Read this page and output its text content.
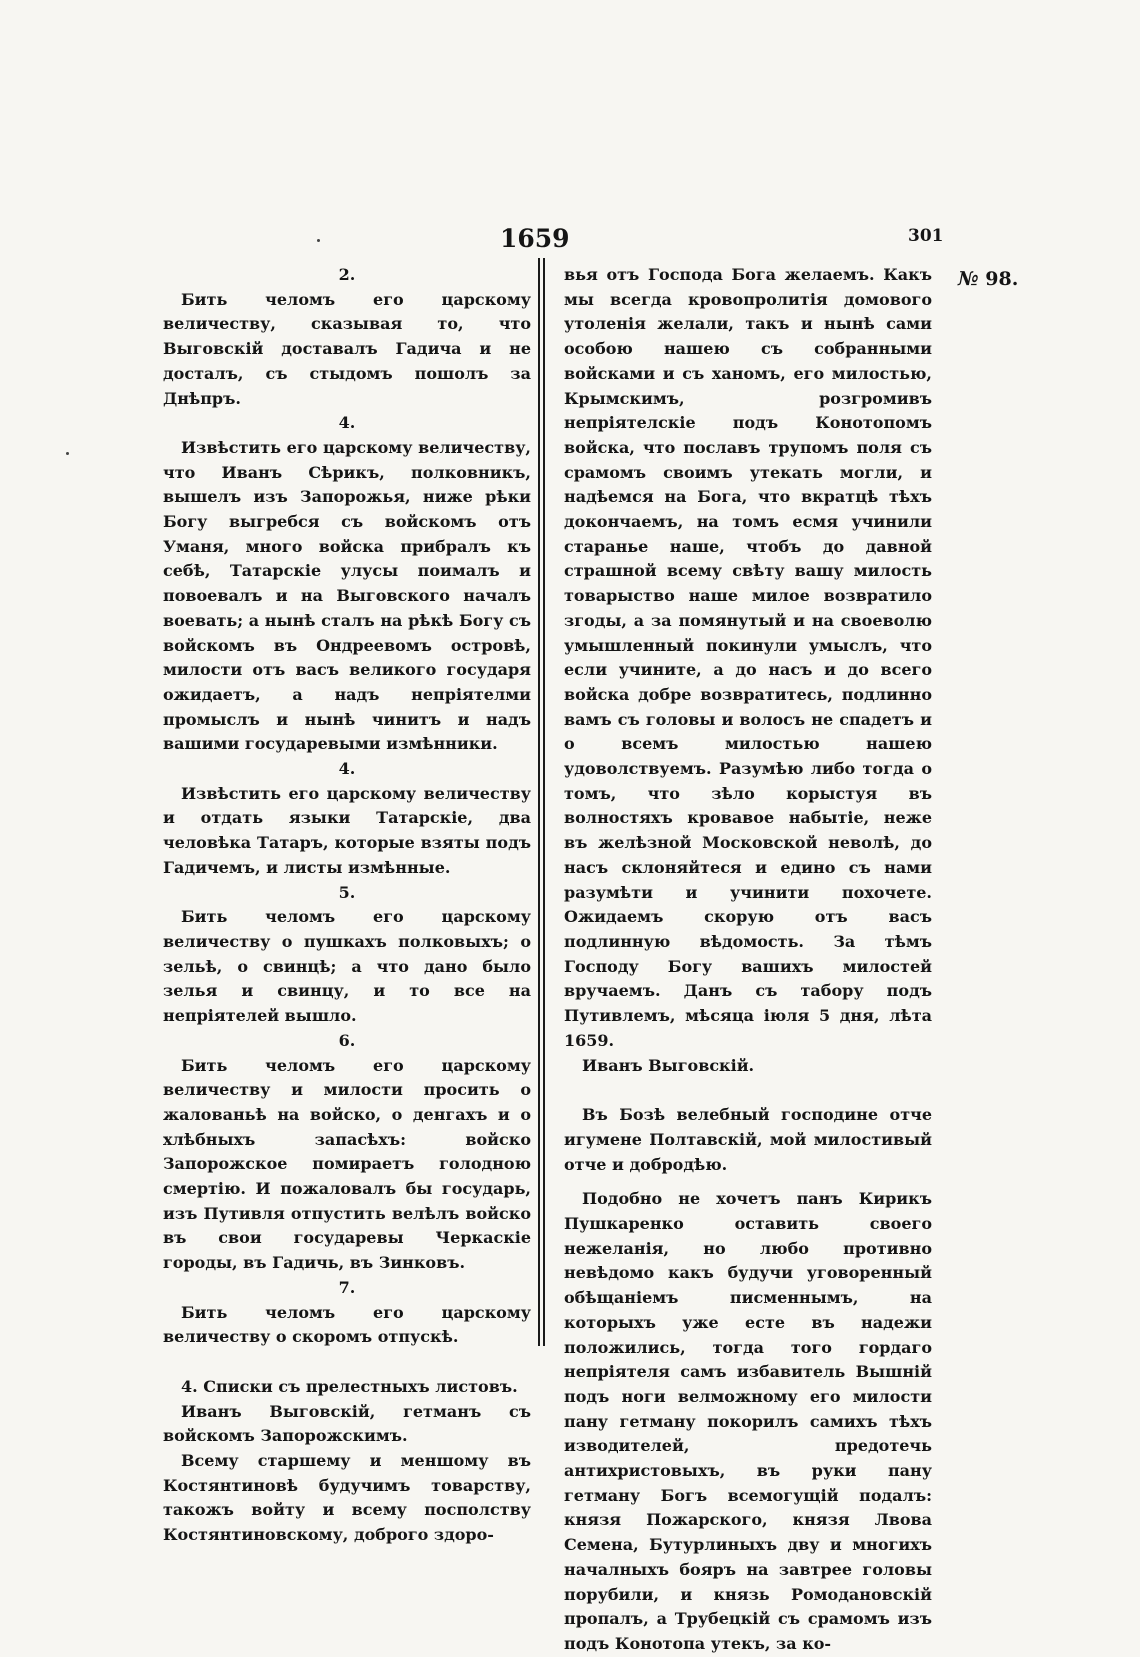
1659	301
№ 98.

2.

Бить челомъ его царскому величеству, сказывая то, что Выговскій доставалъ Гадича и не досталъ, съ стыдомъ пошолъ за Днѣпръ.

4.

Извѣстить его царскому величеству, что Иванъ Сѣрикъ, полковникъ, вышелъ изъ Запорожья, ниже рѣки Богу выгребся съ войскомъ отъ Уманя, много войска прибралъ къ себѣ, Татарскіе улусы поималъ и повоевалъ и на Выговского началъ воевать; а нынѣ сталъ на рѣкѣ Богу съ войскомъ въ Ондреевомъ островѣ, милости отъ васъ великого государя ожидаетъ, а надъ непріятелми промыслъ и нынѣ чинитъ и надъ вашими государевыми измѣнники.

4.

Извѣстить его царскому величеству и отдать языки Татарскіе, два человѣка Татаръ, которые взяты подъ Гадичемъ, и листы измѣнные.

5.

Бить челомъ его царскому величеству о пушкахъ полковыхъ; о зельѣ, о свинцѣ; а что дано было зелья и свинцу, и то все на непріятелей вышло.

6.

Бить челомъ его царскому величеству и милости просить о жалованьѣ на войско, о денгахъ и о хлѣбныхъ запасѣхъ: войско Запорожское помираетъ голодною смертію. И пожаловалъ бы государь, изъ Путивля отпустить велѣлъ войско въ свои государевы Черкаскіе городы, въ Гадичь, въ Зинковъ.

7.

Бить челомъ его царскому величеству о скоромъ отпускѣ.

4. Списки съ прелестныхъ листовъ.

Иванъ Выговскій, гетманъ съ войскомъ Запорожскимъ.

Всему старшему и меншому въ Костянтиновѣ будучимъ товарству, такожъ войту и всему посполству Костянтиновскому, доброго здоро-

вья отъ Господа Бога желаемъ. Какъ мы всегда кровопролитія домового утоленія желали, такъ и нынѣ сами особою нашею съ собранными войсками и съ ханомъ, его милостью, Крымскимъ, розгромивъ непріятелскіе подъ Конотопомъ войска, что пославъ трупомъ поля съ срамомъ своимъ утекать могли, и надѣемся на Бога, что вкратцѣ тѣхъ докончаемъ, на томъ есмя учинили старанье наше, чтобъ до давной страшной всему свѣту вашу милость товарыство наше милое возвратило згоды, а за помянутый и на своеволю умышленный покинули умыслъ, что если учините, а до насъ и до всего войска добре возвратитесь, подлинно вамъ съ головы и волосъ не спадетъ и о всемъ милостью нашею удоволствуемъ. Разумѣю либо тогда о томъ, что зѣло корыстуя въ волностяхъ кровавое набытіе, неже въ желѣзной Московской неволѣ, до насъ склоняйтеся и едино съ нами разумѣти и учинити похочете. Ожидаемъ скорую отъ васъ подлинную вѣдомость. За тѣмъ Господу Богу вашихъ милостей вручаемъ. Данъ съ табору подъ Путивлемъ, мѣсяца іюля 5 дня, лѣта 1659.

Иванъ Выговскій.

Въ Бозѣ велебный господине отче игумене Полтавскій, мой милостивый отче и добродѣю.

Подобно не хочетъ панъ Кирикъ Пушкаренко оставить своего нежеланія, но любо противно невѣдомо какъ будучи уговоренный обѣщаніемъ писменнымъ, на которыхъ уже есте въ надежи положились, тогда того гордаго непріятеля самъ избавитель Вышній подъ ноги велможному его милости пану гетману покорилъ самихъ тѣхъ изводителей, предотечь антихристовыхъ, въ руки пану гетману Богъ всемогущій подалъ: князя Пожарского, князя Лвова Семена, Бутурлиныхъ дву и многихъ началныхъ бояръ на завтрее головы порубили, и князь Ромодановскій пропалъ, а Трубецкій съ срамомъ изъ подъ Конотопа утекъ, за ко-
